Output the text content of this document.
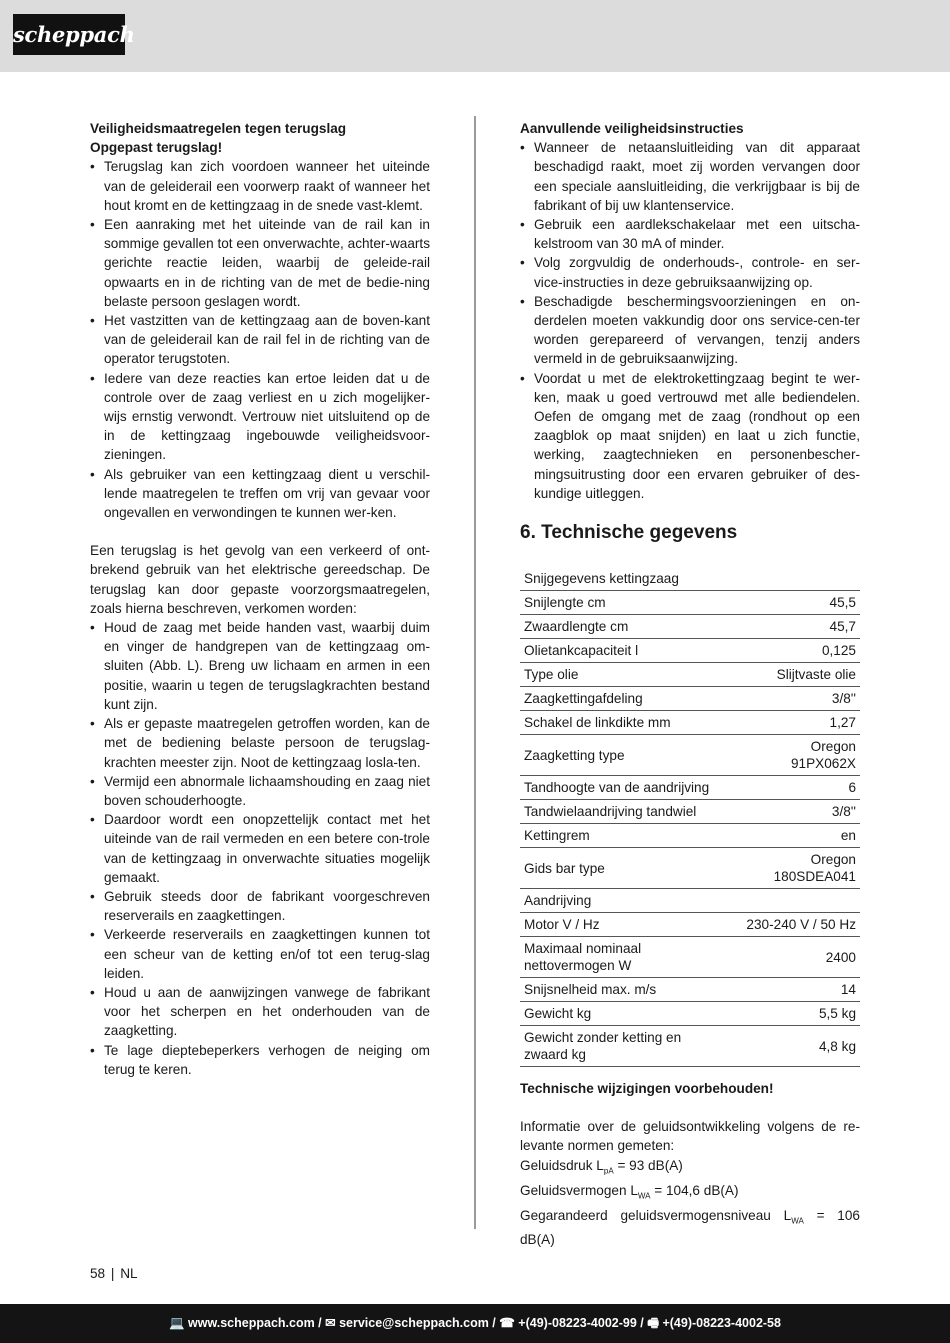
scheppach

Veiligheidsmaatregelen tegen terugslag

Opgepast terugslag!

• Terugslag kan zich voordoen wanneer het uiteinde van de geleiderail een voorwerp raakt of wanneer het hout kromt en de kettingzaag in de snede vast-klemt.
• Een aanraking met het uiteinde van de rail kan in sommige gevallen tot een onverwachte, achter-waarts gerichte reactie leiden, waarbij de geleide-rail opwaarts en in de richting van de met de bedie-ning belaste persoon geslagen wordt.
• Het vastzitten van de kettingzaag aan de boven-kant van de geleiderail kan de rail fel in de richting van de operator terugstoten.
• Iedere van deze reacties kan ertoe leiden dat u de controle over de zaag verliest en u zich mogelijker-wijs ernstig verwondt. Vertrouw niet uitsluitend op de in de kettingzaag ingebouwde veiligheidsvoor-zieningen.
• Als gebruiker van een kettingzaag dient u verschil-lende maatregelen te treffen om vrij van gevaar voor ongevallen en verwondingen te kunnen wer-ken.

Een terugslag is het gevolg van een verkeerd of ont-brekend gebruik van het elektrische gereedschap. De terugslag kan door gepaste voorzorgsmaatregelen, zoals hierna beschreven, verkomen worden:

• Houd de zaag met beide handen vast, waarbij duim en vinger de handgrepen van de kettingzaag om-sluiten (Abb. L). Breng uw lichaam en armen in een positie, waarin u tegen de terugslagkrachten bestand kunt zijn.
• Als er gepaste maatregelen getroffen worden, kan de met de bediening belaste persoon de terugslag-krachten meester zijn. Noot de kettingzaag losla-ten.
• Vermijd een abnormale lichaamshouding en zaag niet boven schouderhoogte.
• Daardoor wordt een onopzettelijk contact met het uiteinde van de rail vermeden en een betere con-trole van de kettingzaag in onverwachte situaties mogelijk gemaakt.
• Gebruik steeds door de fabrikant voorgeschreven reserverails en zaagkettingen.
• Verkeerde reserverails en zaagkettingen kunnen tot een scheur van de ketting en/of tot een terug-slag leiden.
• Houd u aan de aanwijzingen vanwege de fabrikant voor het scherpen en het onderhouden van de zaagketting.
• Te lage dieptebeperkers verhogen de neiging om terug te keren.

Aanvullende veiligheidsinstructies

• Wanneer de netaansluitleiding van dit apparaat beschadigd raakt, moet zij worden vervangen door een speciale aansluitleiding, die verkrijgbaar is bij de fabrikant of bij uw klantenservice.
• Gebruik een aardlekschakelaar met een uitscha-kelstroom van 30 mA of minder.
• Volg zorgvuldig de onderhouds-, controle- en ser-vice-instructies in deze gebruiksaanwijzing op.
• Beschadigde beschermingsvoorzieningen en on-derdelen moeten vakkundig door ons service-cen-ter worden gerepareerd of vervangen, tenzij anders vermeld in de gebruiksaanwijzing.
• Voordat u met de elektrokettingzaag begint te wer-ken, maak u goed vertrouwd met alle bediendelen. Oefen de omgang met de zaag (rondhout op een zaagblok op maat snijden) en laat u zich functie, werking, zaagtechnieken en personenbescher-mingsuitrusting door een ervaren gebruiker of des-kundige uitleggen.
6. Technische gegevens
Snijgegevens kettingzaag	
Snijlengte cm	45,5
Zwaardlengte cm	45,7
Olietankcapaciteit l	0,125
Type olie	Slijtvaste olie
Zaagkettingafdeling	3/8''
Schakel de linkdikte mm	1,27
Zaagketting type	Oregon
91PX062X
Tandhoogte van de aandrijving	6
Tandwielaandrijving tandwiel	3/8''
Kettingrem	en
Gids bar type	Oregon
180SDEA041
Aandrijving	
Motor V / Hz	230-240 V / 50 Hz
Maximaal nominaal
nettovermogen W	2400
Snijsnelheid max. m/s	14
Gewicht kg	5,5 kg
Gewicht zonder ketting en
zwaard kg	4,8 kg

Technische wijzigingen voorbehouden!

Informatie over de geluidsontwikkeling volgens de re-levante normen gemeten:

Geluidsdruk $L_{pA} = 93$ dB(A)

Geluidsvermogen $L_{WA} = 104,6$ dB(A)

Gegarandeerd geluidsvermogensniveau $L_{WA} = 106$ dB(A)

58 | NL
💻 www.scheppach.com / ✉ service@scheppach.com / ☎ +(49)-08223-4002-99 / 🖷 +(49)-08223-4002-58
